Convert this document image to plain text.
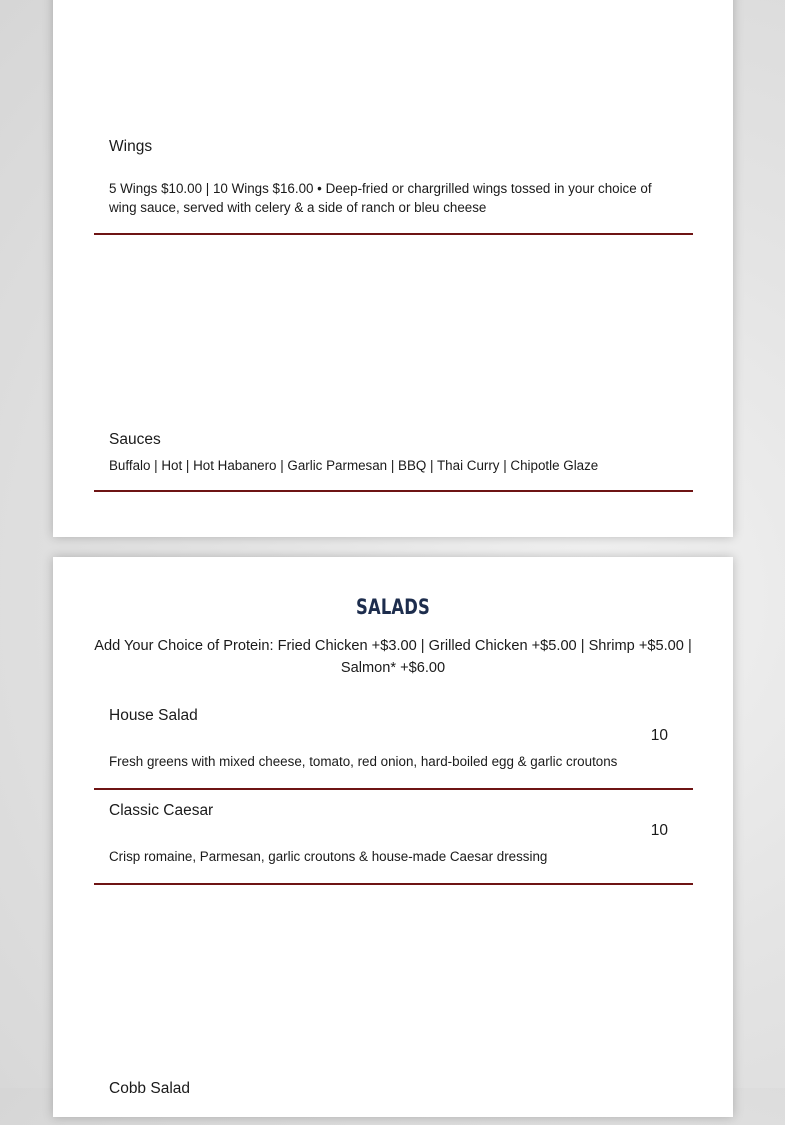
Wings
5 Wings $10.00 | 10 Wings $16.00 • Deep-fried or chargrilled wings tossed in your choice of wing sauce, served with celery & a side of ranch or bleu cheese
Sauces
Buffalo | Hot | Hot Habanero | Garlic Parmesan | BBQ | Thai Curry | Chipotle Glaze
SALADS
Add Your Choice of Protein: Fried Chicken +$3.00 | Grilled Chicken +$5.00 | Shrimp +$5.00 | Salmon* +$6.00
House Salad
10
Fresh greens with mixed cheese, tomato, red onion, hard-boiled egg & garlic croutons
Classic Caesar
10
Crisp romaine, Parmesan, garlic croutons & house-made Caesar dressing
Cobb Salad
